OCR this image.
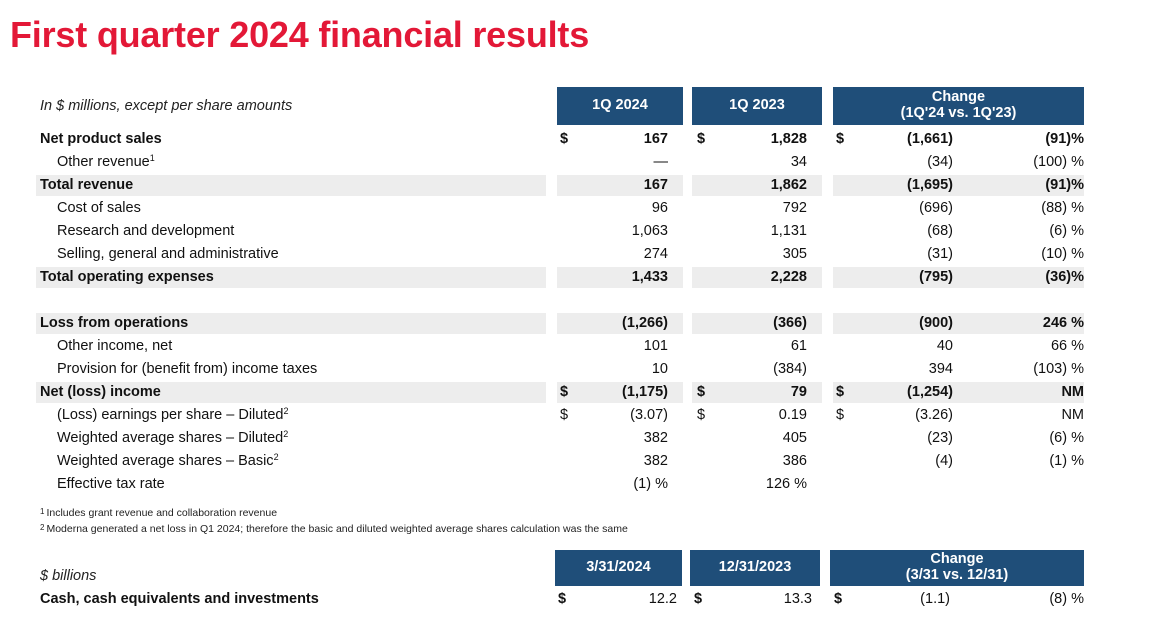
First quarter 2024 financial results
In $ millions, except per share amounts	1Q 2024	1Q 2023	Change
(1Q'24 vs. 1Q'23)
Net product sales	$	167 $	1,828 $	(1,661)	(91)%
Other revenue$^1$	—	34	(34)	(100) %
Total revenue	167	1,862	(1,695)	(91)%
Cost of sales	96	792	(696)	(88) %
Research and development	1,063	1,131	(68)	(6) %
Selling, general and administrative	274	305	(31)	(10) %
Total operating expenses	1,433	2,228	(795)	(36)%
Loss from operations	(1,266)	(366)	(900)	246 %
Other income, net	101	61	40	66 %
Provision for (benefit from) income taxes	10	(384)	394	(103) %
Net (loss) income	$	(1,175) $	79 $	(1,254)	NM
(Loss) earnings per share – Diluted$^2$	$	(3.07) $	0.19 $	(3.26)	NM
Weighted average shares – Diluted$^2$	382	405	(23)	(6) %
Weighted average shares – Basic$^2$	382	386	(4)	(1) %
Effective tax rate	(1) %	126 %
1 Includes grant revenue and collaboration revenue
2 Moderna generated a net loss in Q1 2024; therefore the basic and diluted weighted average shares calculation was the same
$ billions
3/31/2024	12/31/2023	Change
(3/31 vs. 12/31)
Cash, cash equivalents and investments	$	12.2 $	13.3 $	(1.1)	(8) %
